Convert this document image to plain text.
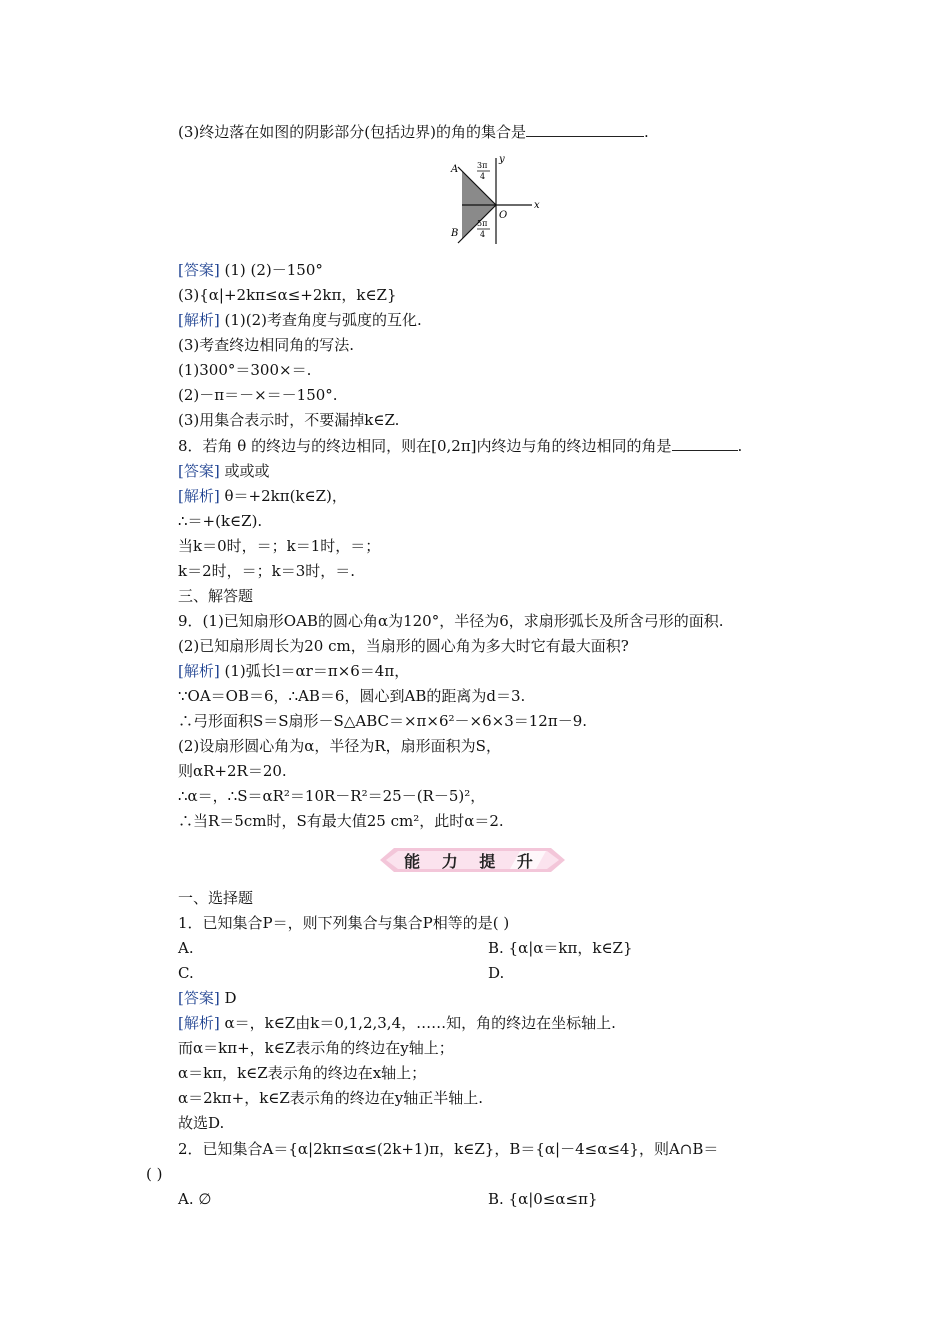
(3)终边落在如图的阴影部分(包括边界)的角的集合是	.
A
B
O
x
y
3π
4
5π
4
[答案] (1) (2)－150°
(3){α|+2kπ≤α≤+2kπ，k∈Z}
[解析] (1)(2)考查角度与弧度的互化.
(3)考查终边相同角的写法.
(1)300°＝300×＝.
(2)－π＝－×＝－150°.
(3)用集合表示时，不要漏掉k∈Z.
8．若角 θ 的终边与的终边相同，则在[0,2π]内终边与角的终边相同的角是	.
[答案] 或或或
[解析] θ＝+2kπ(k∈Z)，
∴＝+(k∈Z).
当k＝0时，＝；k＝1时，＝；
k＝2时，＝；k＝3时，＝.
三、解答题
9．(1)已知扇形OAB的圆心角α为120°，半径为6，求扇形弧长及所含弓形的面积.
(2)已知扇形周长为20 cm，当扇形的圆心角为多大时它有最大面积?
[解析] (1)弧长l＝αr＝π×6＝4π，
∵OA＝OB＝6，∴AB＝6，圆心到AB的距离为d＝3.
∴弓形面积S＝S扇形－S△ABC＝×π×6²－×6×3＝12π－9.
(2)设扇形圆心角为α，半径为R，扇形面积为S，
则αR+2R＝20.
∴α＝，∴S＝αR²＝10R－R²＝25－(R－5)²，
∴当R＝5cm时，S有最大值25 cm²，此时α＝2.
能 力 提 升
一、选择题
1．已知集合P＝，则下列集合与集合P相等的是( )
A.	B. {α|α＝kπ，k∈Z}
C.	D.
[答案] D
[解析] α＝，k∈Z由k＝0,1,2,3,4，……知，角的终边在坐标轴上.
而α＝kπ+，k∈Z表示角的终边在y轴上；
α＝kπ，k∈Z表示角的终边在x轴上；
α＝2kπ+，k∈Z表示角的终边在y轴正半轴上.
故选D.
2．已知集合A＝{α|2kπ≤α≤(2k+1)π，k∈Z}，B＝{α|－4≤α≤4}，则A∩B＝
( )
A. ∅	B. {α|0≤α≤π}
